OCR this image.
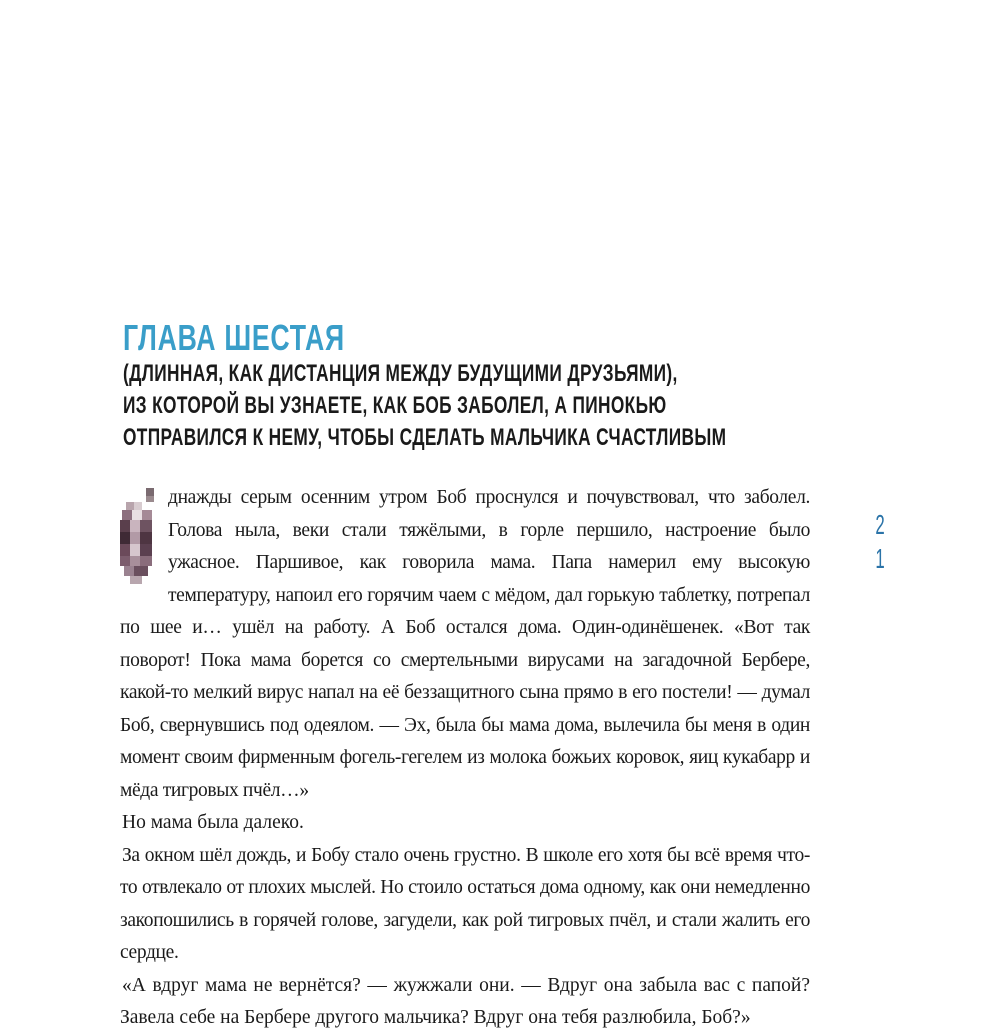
ГЛАВА ШЕСТАЯ
(ДЛИННАЯ, КАК ДИСТАНЦИЯ МЕЖДУ БУДУЩИМИ ДРУЗЬЯМИ),
ИЗ КОТОРОЙ ВЫ УЗНАЕТЕ, КАК БОБ ЗАБОЛЕЛ, А ПИНОКЬЮ
ОТПРАВИЛСЯ К НЕМУ, ЧТОБЫ СДЕЛАТЬ МАЛЬЧИКА СЧАСТЛИВЫМ

днажды серым осенним утром Боб проснулся и почувствовал, что заболел. Голова ныла, веки стали тяжёлыми, в горле першило, настроение было ужасное. Паршивое, как говорила мама. Папа намерил ему высокую температуру, напоил его горячим чаем с мёдом, дал горькую таблетку, потрепал по шее и… ушёл на работу. А Боб остался дома. Один-одинёшенек. «Вот так поворот! Пока мама борется со смертельными вирусами на загадочной Бербере, какой-то мелкий вирус напал на её беззащитного сына прямо в его постели! — думал Боб, свернувшись под одеялом. — Эх, была бы мама дома, вылечила бы меня в один момент своим фирменным фогель-гегелем из молока божьих коровок, яиц кукабарр и мёда тигровых пчёл…»

Но мама была далеко.

За окном шёл дождь, и Бобу стало очень грустно. В школе его хотя бы всё время что-то отвлекало от плохих мыслей. Но стоило остаться дома одному, как они немедленно закопошились в горячей голове, загудели, как рой тигровых пчёл, и стали жалить его сердце.

«А вдруг мама не вернётся? — жужжали они. — Вдруг она забыла вас с папой? Завела себе на Бербере другого мальчика? Вдруг она тебя разлюбила, Боб?»

2
1
